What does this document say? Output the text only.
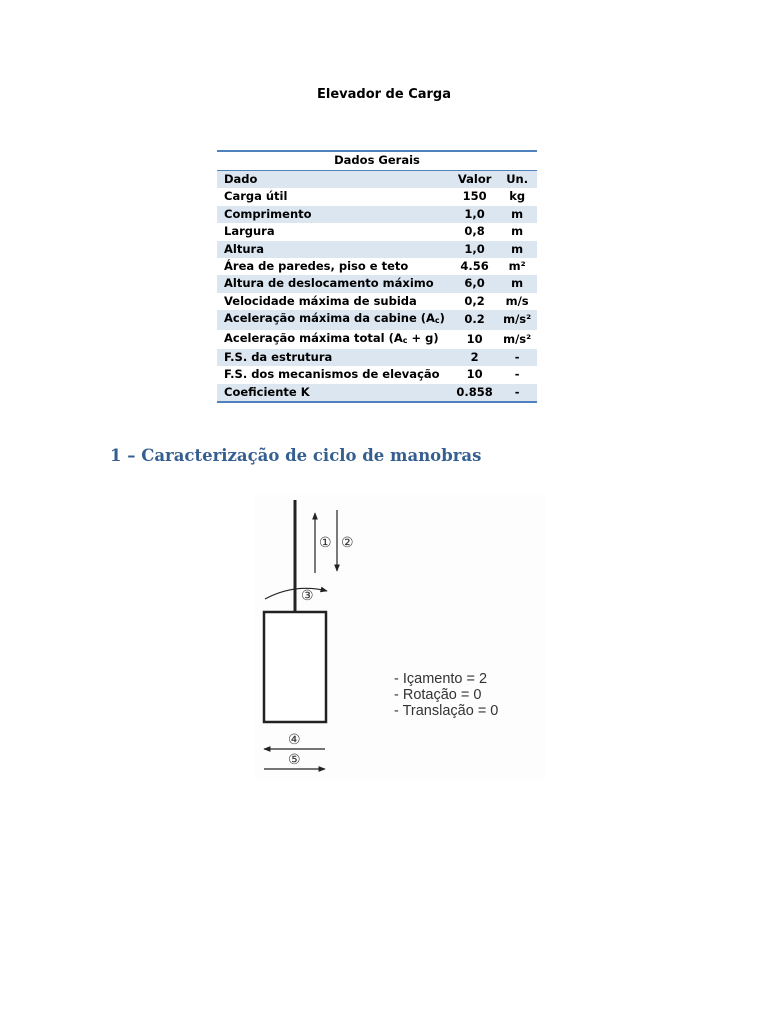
Elevador de Carga
Dados Gerais		
Dado	Valor	Un.
Carga útil	150	kg
Comprimento	1,0	m
Largura	0,8	m
Altura	1,0	m
Área de paredes, piso e teto	4.56	m²
Altura de deslocamento máximo	6,0	m
Velocidade máxima de subida	0,2	m/s
Aceleração máxima da cabine $(A_c)$	0.2	m/s²
Aceleração máxima total $(A_c + g)$	10	m/s²
F.S. da estrutura	2	-
F.S. dos mecanismos de elevação	10	-
Coeficiente K	0.858	-
1 – Caracterização de ciclo de manobras
① ②
③
④
⑤
- Içamento = 2
- Rotação = 0
- Translação = 0
